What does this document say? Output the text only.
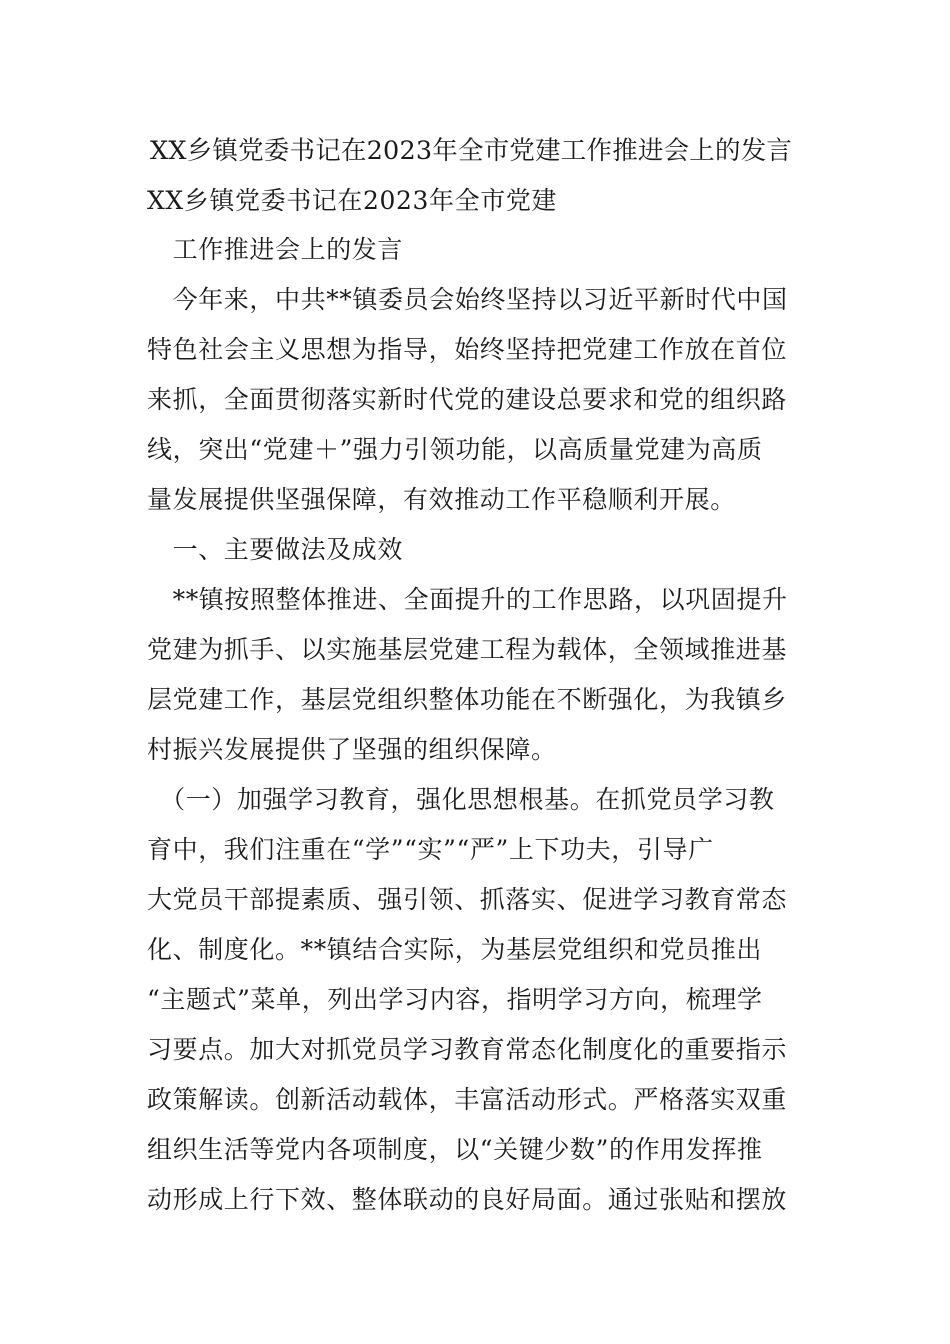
XX乡镇党委书记在2023年全市党建工作推进会上的发言
XX乡镇党委书记在2023年全市党建
　工作推进会上的发言
　今年来，中共**镇委员会始终坚持以习近平新时代中国
特色社会主义思想为指导，始终坚持把党建工作放在首位
来抓，全面贯彻落实新时代党的建设总要求和党的组织路
线，突出“党建＋”强力引领功能，以高质量党建为高质
量发展提供坚强保障，有效推动工作平稳顺利开展。
　一、主要做法及成效
　**镇按照整体推进、全面提升的工作思路，以巩固提升
党建为抓手、以实施基层党建工程为载体，全领域推进基
层党建工作，基层党组织整体功能在不断强化，为我镇乡
村振兴发展提供了坚强的组织保障。
　（一）加强学习教育，强化思想根基。在抓党员学习教
育中，我们注重在“学”“实”“严”上下功夫，引导广
大党员干部提素质、强引领、抓落实、促进学习教育常态
化、制度化。**镇结合实际，为基层党组织和党员推出
“主题式”菜单，列出学习内容，指明学习方向，梳理学
习要点。加大对抓党员学习教育常态化制度化的重要指示
政策解读。创新活动载体，丰富活动形式。严格落实双重
组织生活等党内各项制度，以“关键少数”的作用发挥推
动形成上行下效、整体联动的良好局面。通过张贴和摆放
